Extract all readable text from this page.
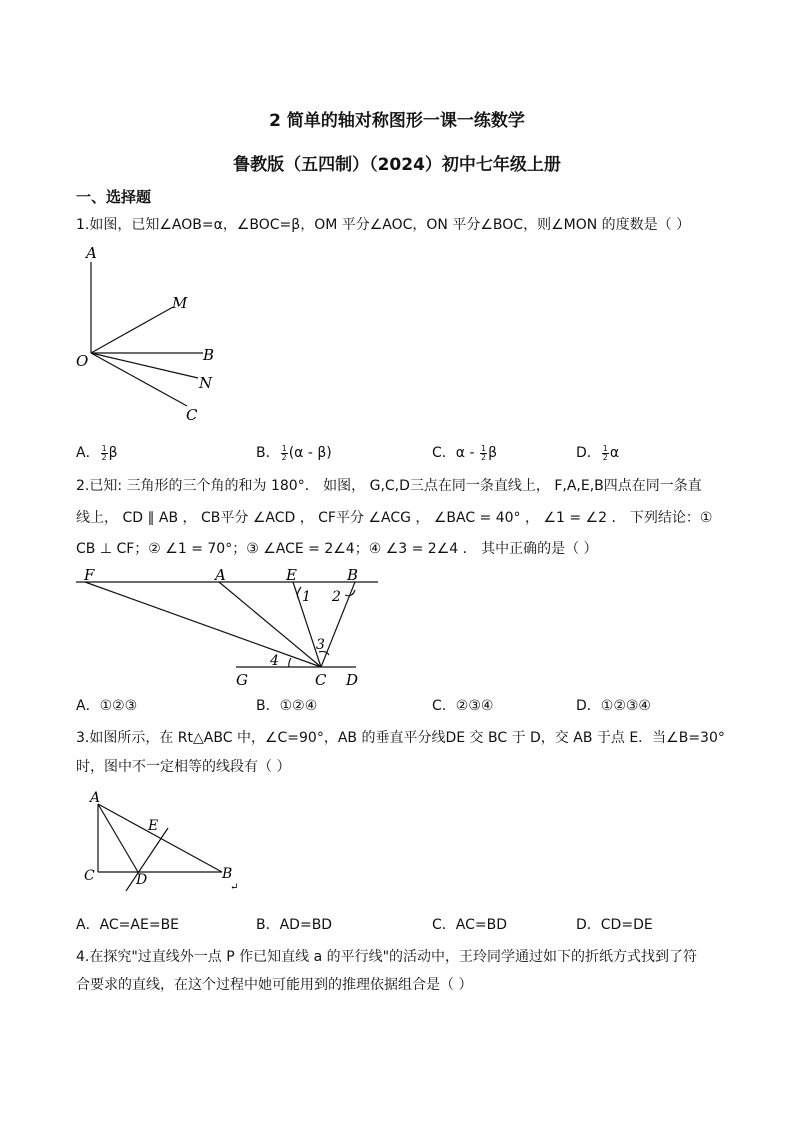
2 简单的轴对称图形一课一练数学
鲁教版（五四制）（2024）初中七年级上册
一、选择题
1.如图，已知∠AOB=α，∠BOC=β，OM 平分∠AOC，ON 平分∠BOC，则∠MON 的度数是（ ）
A
M
O	B
N
C
A． $\frac{1}{2}$ β	B． $\frac{1}{2} (\alpha - \beta)$	C．α - $\frac{1}{2}$ β	D． $\frac{1}{2}$ α
2.已知: 三角形的三个角的和为 180°． 如图， G,C,D三点在同一条直线上， F,A,E,B四点在同一条直
线上， CD ∥ AB ， CB平分 ∠ACD ， CF平分 ∠ACG ， ∠BAC = 40° ， ∠1 = ∠2 ． 下列结论：①
CB ⊥ CF；② ∠1 = 70°；③ ∠ACE = 2∠4；④ ∠3 = 2∠4 ． 其中正确的是（ ）
F	A	E	B
G	C D
1 2
3
4
A．①②③	B．①②④	C．②③④	D．①②③④
3.如图所示，在 Rt△ABC 中，∠C=90°，AB 的垂直平分线DE 交 BC 于 D，交 AB 于点 E．当∠B=30°
时，图中不一定相等的线段有（ ）
A
E
C	D	B
↵
A．AC=AE=BE	B．AD=BD	C．AC=BD	D．CD=DE
4.在探究"过直线外一点 P 作已知直线 a 的平行线"的活动中，王玲同学通过如下的折纸方式找到了符
合要求的直线，在这个过程中她可能用到的推理依据组合是（ ）
